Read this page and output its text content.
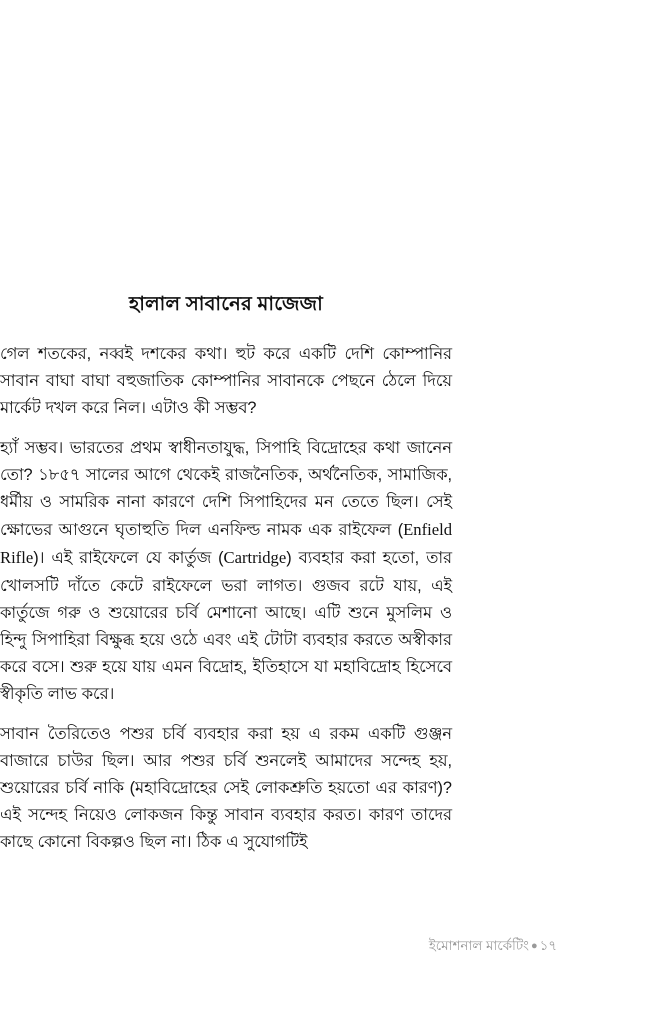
হালাল সাবানের মাজেজা

গেল শতকের, নব্বই দশকের কথা। হুট করে একটি দেশি কোম্পানির সাবান বাঘা বাঘা বহুজাতিক কোম্পানির সাবানকে পেছনে ঠেলে দিয়ে মার্কেট দখল করে নিল। এটাও কী সম্ভব?

হ্যাঁ সম্ভব। ভারতের প্রথম স্বাধীনতাযুদ্ধ, সিপাহি বিদ্রোহের কথা জানেন তো? ১৮৫৭ সালের আগে থেকেই রাজনৈতিক, অর্থনৈতিক, সামাজিক, ধর্মীয় ও সামরিক নানা কারণে দেশি সিপাহিদের মন তেতে ছিল। সেই ক্ষোভের আগুনে ঘৃতাহুতি দিল এনফিল্ড নামক এক রাইফেল (Enfield Rifle)। এই রাইফেলে যে কার্তুজ (Cartridge) ব্যবহার করা হতো, তার খোলসটি দাঁতে কেটে রাইফেলে ভরা লাগত। গুজব রটে যায়, এই কার্তুজে গরু ও শুয়োরের চর্বি মেশানো আছে। এটি শুনে মুসলিম ও হিন্দু সিপাহিরা বিক্ষুব্ধ হয়ে ওঠে এবং এই টোটা ব্যবহার করতে অস্বীকার করে বসে। শুরু হয়ে যায় এমন বিদ্রোহ, ইতিহাসে যা মহাবিদ্রোহ হিসেবে স্বীকৃতি লাভ করে।

সাবান তৈরিতেও পশুর চর্বি ব্যবহার করা হয় এ রকম একটি গুঞ্জন বাজারে চাউর ছিল। আর পশুর চর্বি শুনলেই আমাদের সন্দেহ হয়, শুয়োরের চর্বি নাকি (মহাবিদ্রোহের সেই লোকশ্রুতি হয়তো এর কারণ)? এই সন্দেহ নিয়েও লোকজন কিন্তু সাবান ব্যবহার করত। কারণ তাদের কাছে কোনো বিকল্পও ছিল না। ঠিক এ সুযোগটিই

ইমোশনাল মার্কেটিং ● ১৭
